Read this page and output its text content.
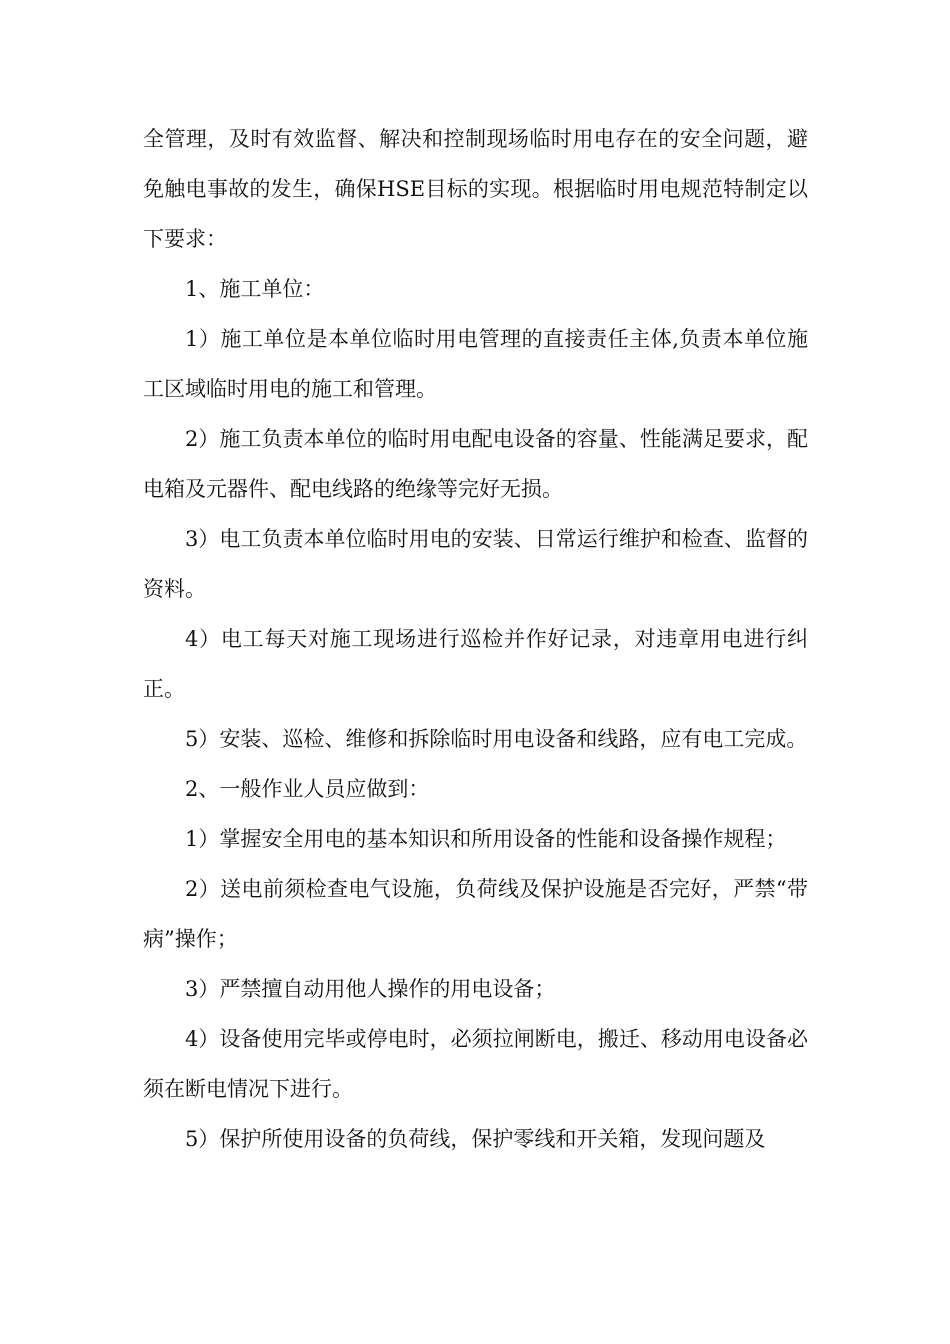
全管理，及时有效监督、解决和控制现场临时用电存在的安全问题，避免触电事故的发生，确保HSE目标的实现。根据临时用电规范特制定以下要求：

1、施工单位：

1）施工单位是本单位临时用电管理的直接责任主体,负责本单位施工区域临时用电的施工和管理。

2）施工负责本单位的临时用电配电设备的容量、性能满足要求，配电箱及元器件、配电线路的绝缘等完好无损。

3）电工负责本单位临时用电的安装、日常运行维护和检查、监督的资料。

4）电工每天对施工现场进行巡检并作好记录，对违章用电进行纠正。

5）安装、巡检、维修和拆除临时用电设备和线路，应有电工完成。

2、一般作业人员应做到：

1）掌握安全用电的基本知识和所用设备的性能和设备操作规程；

2）送电前须检查电气设施，负荷线及保护设施是否完好，严禁“带病”操作；

3）严禁擅自动用他人操作的用电设备；

4）设备使用完毕或停电时，必须拉闸断电，搬迁、移动用电设备必须在断电情况下进行。

5）保护所使用设备的负荷线，保护零线和开关箱，发现问题及
